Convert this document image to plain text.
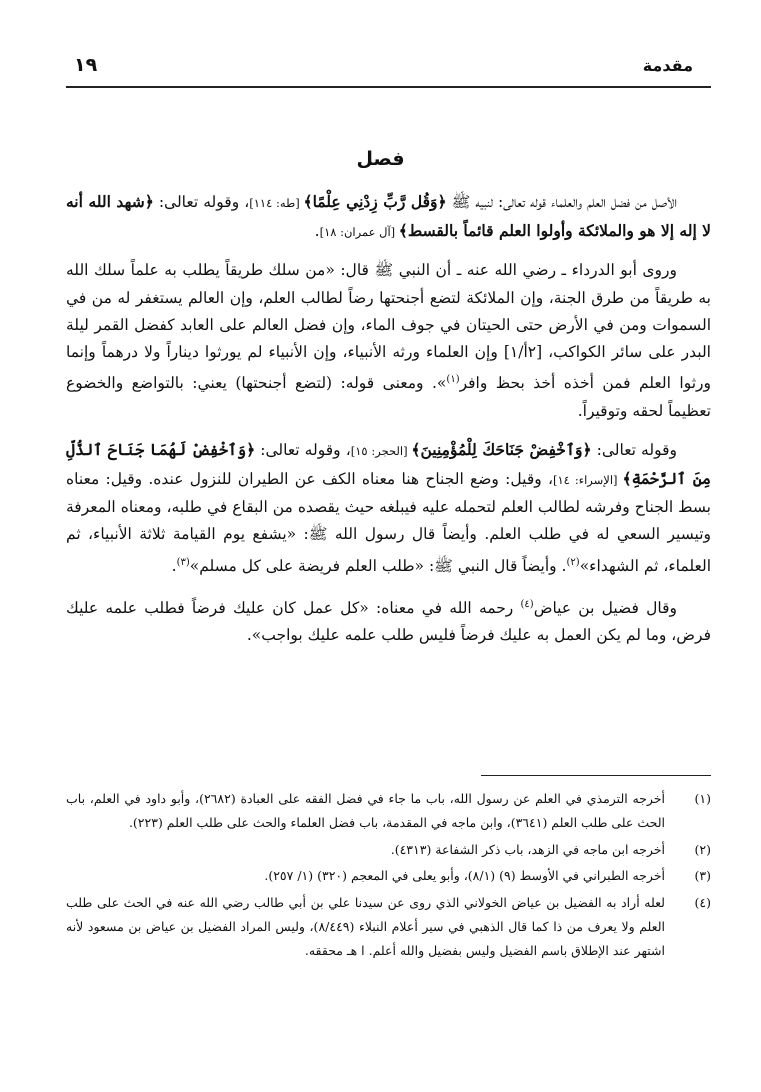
مقدمة
١٩
فصل

الأصل من فضل العلم والعلماء قوله تعالى: لنبيه ﷺ ﴿وَقُل رَّبِّ زِدْنِي عِلْمًا﴾ [طه: ١١٤]، وقوله تعالى: ﴿شهد الله أنه لا إله إلا هو والملائكة وأولوا العلم قائماً بالقسط﴾ [آل عمران: ١٨].

وروى أبو الدرداء ـ رضي الله عنه ـ أن النبي ﷺ قال: «من سلك طريقاً يطلب به علماً سلك الله به طريقاً من طرق الجنة، وإن الملائكة لتضع أجنحتها رضاً لطالب العلم، وإن العالم يستغفر له من في السموات ومن في الأرض حتى الحيتان في جوف الماء، وإن فضل العالم على العابد كفضل القمر ليلة البدر على سائر الكواكب، [٢أ/١] وإن العلماء ورثه الأنبياء، وإن الأنبياء لم يورثوا ديناراً ولا درهماً وإنما ورثوا العلم فمن أخذه أخذ بحظ وافر$^{(١)}$». ومعنى قوله: (لتضع أجنحتها) يعني: بالتواضع والخضوع تعظيماً لحقه وتوقيراً.

وقوله تعالى: ﴿وَٱخْفِضْ جَنَاحَكَ لِلْمُؤْمِنِينَ﴾ [الحجر: ١٥]، وقوله تعالى: ﴿وَٱخْفِضْ لَهُمَا جَنَاحَ ٱلذُّلِّ مِنَ ٱلرَّحْمَةِ﴾ [الإسراء: ١٤]، وقيل: وضع الجناح هنا معناه الكف عن الطيران للنزول عنده. وقيل: معناه بسط الجناح وفرشه لطالب العلم لتحمله عليه فيبلغه حيث يقصده من البقاع في طلبه، ومعناه المعرفة وتيسير السعي له في طلب العلم. وأيضاً قال رسول الله ﷺ: «يشفع يوم القيامة ثلاثة الأنبياء، ثم العلماء، ثم الشهداء»$^{(٢)}$. وأيضاً قال النبي ﷺ: «طلب العلم فريضة على كل مسلم»$^{(٣)}$.

وقال فضيل بن عياض$^{(٤)}$ رحمه الله في معناه: «كل عمل كان عليك فرضاً فطلب علمه عليك فرض، وما لم يكن العمل به عليك فرضاً فليس طلب علمه عليك بواجب».

(١)
أخرجه الترمذي في العلم عن رسول الله، باب ما جاء في فضل الفقه على العبادة (٢٦٨٢)، وأبو داود في العلم، باب الحث على طلب العلم (٣٦٤١)، وابن ماجه في المقدمة، باب فضل العلماء والحث على طلب العلم (٢٢٣).
(٢)
أخرجه ابن ماجه في الزهد، باب ذكر الشفاعة (٤٣١٣).
(٣)
أخرجه الطبراني في الأوسط (٩) (٨/١)، وأبو يعلى في المعجم (٣٢٠) (١/ ٢٥٧).
(٤)
لعله أراد به الفضيل بن عياض الخولاني الذي روى عن سيدنا علي بن أبي طالب رضي الله عنه في الحث على طلب العلم ولا يعرف من ذا كما قال الذهبي في سير أعلام النبلاء (٨/٤٤٩)، وليس المراد الفضيل بن عياض بن مسعود لأنه اشتهر عند الإطلاق باسم الفضيل وليس بفضيل والله أعلم. ا هـ محققه.
